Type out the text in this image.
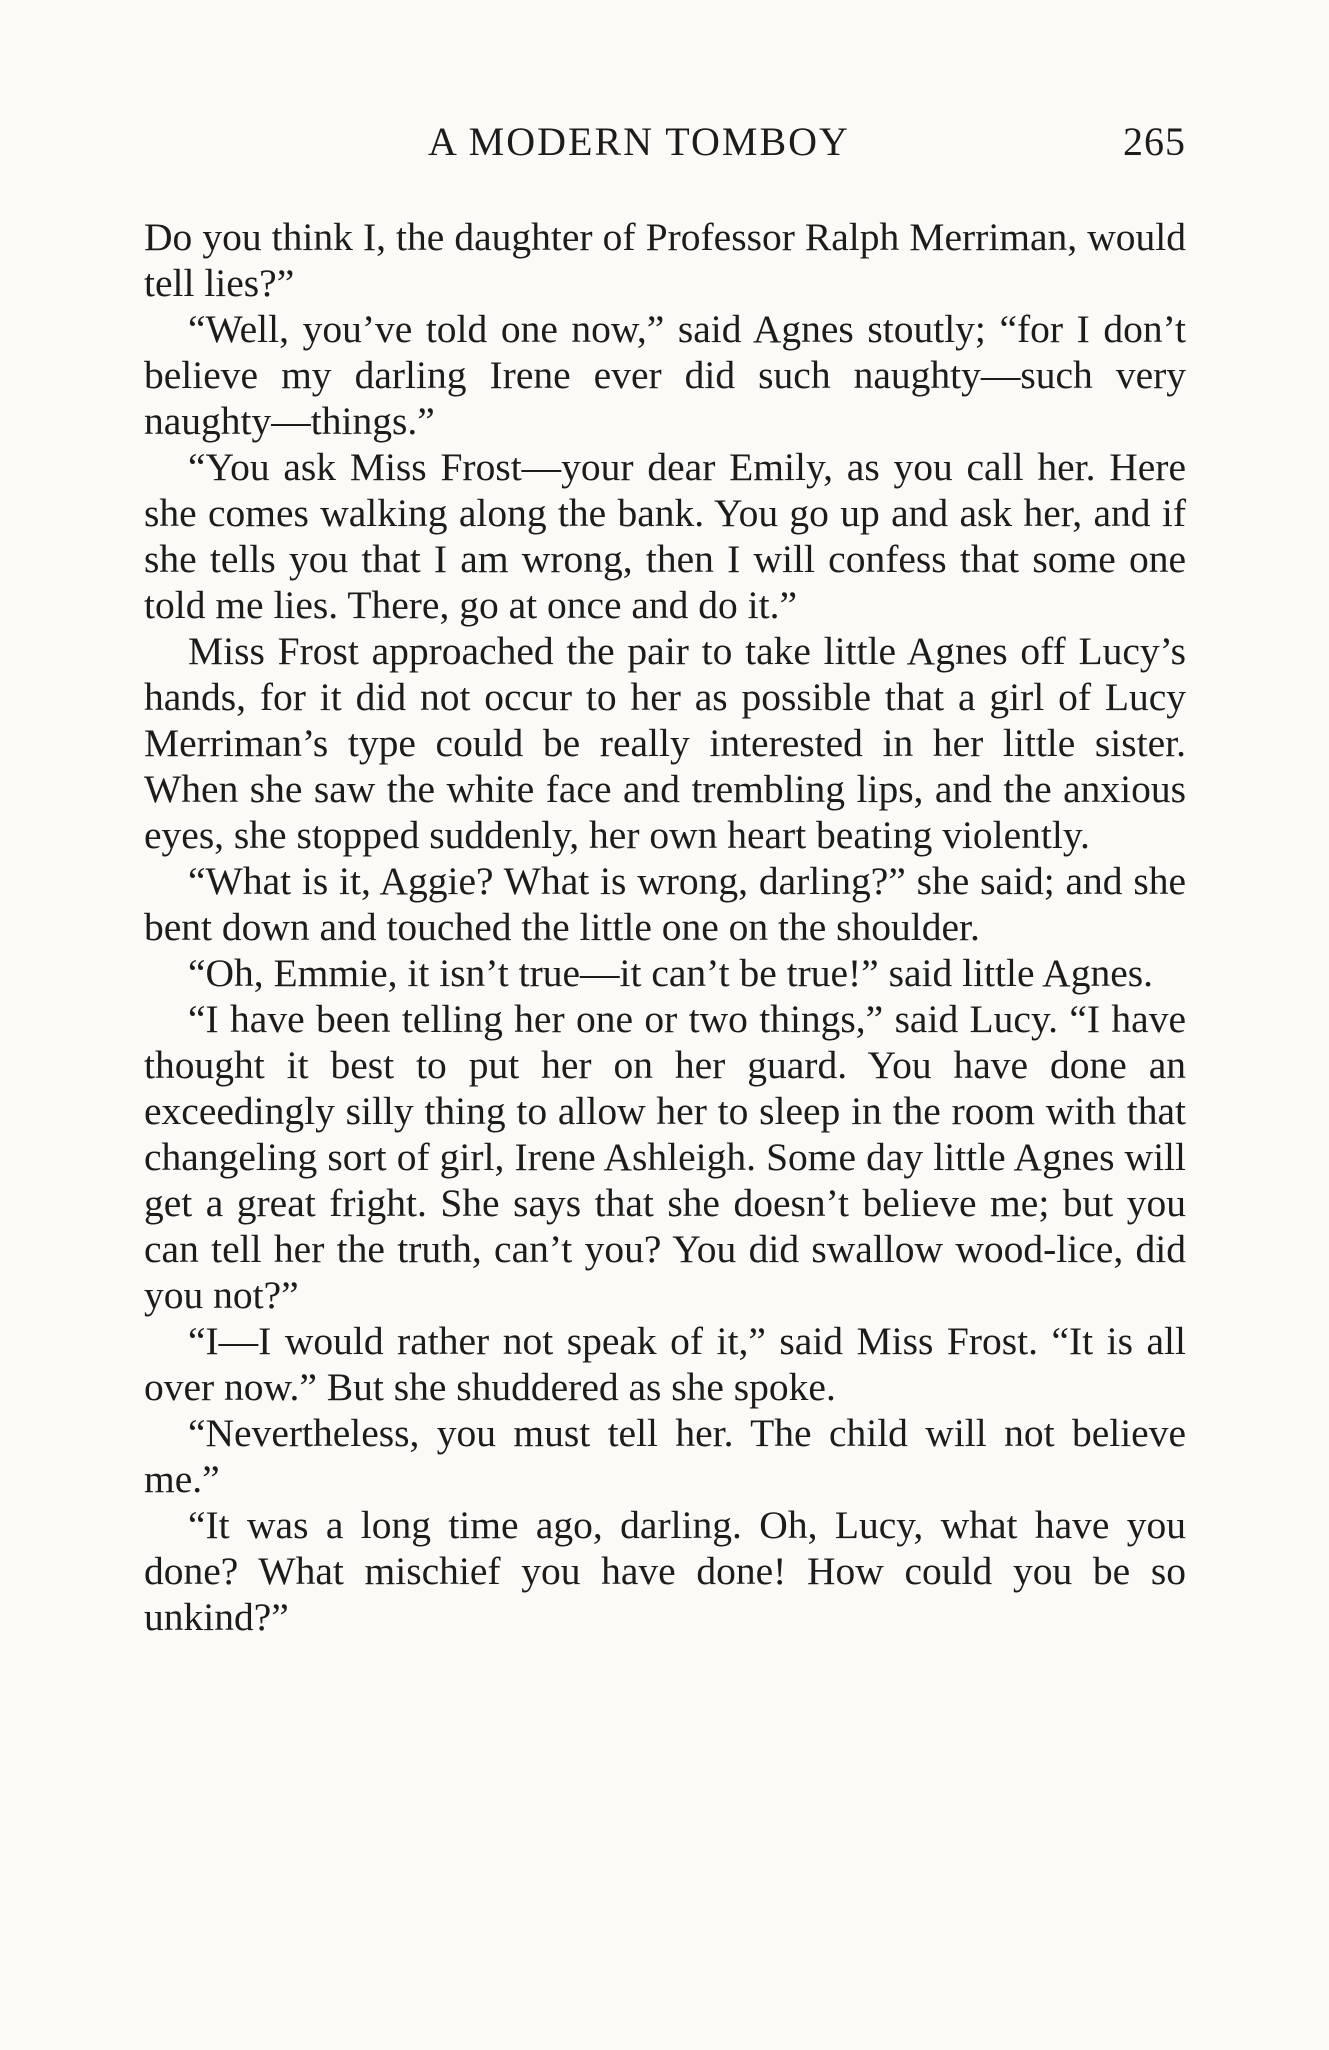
A MODERN TOMBOY	265

Do you think I, the daughter of Professor Ralph Merriman, would tell lies?”

“Well, you’ve told one now,” said Agnes stoutly; “for I don’t believe my darling Irene ever did such naughty—such very naughty—things.”

“You ask Miss Frost—your dear Emily, as you call her. Here she comes walking along the bank. You go up and ask her, and if she tells you that I am wrong, then I will confess that some one told me lies. There, go at once and do it.”

Miss Frost approached the pair to take little Agnes off Lucy’s hands, for it did not occur to her as possible that a girl of Lucy Merriman’s type could be really interested in her little sister. When she saw the white face and trembling lips, and the anxious eyes, she stopped suddenly, her own heart beating violently.

“What is it, Aggie? What is wrong, darling?” she said; and she bent down and touched the little one on the shoulder.

“Oh, Emmie, it isn’t true—it can’t be true!” said little Agnes.

“I have been telling her one or two things,” said Lucy. “I have thought it best to put her on her guard. You have done an exceedingly silly thing to allow her to sleep in the room with that changeling sort of girl, Irene Ashleigh. Some day little Agnes will get a great fright. She says that she doesn’t believe me; but you can tell her the truth, can’t you? You did swallow wood-lice, did you not?”

“I—I would rather not speak of it,” said Miss Frost. “It is all over now.” But she shuddered as she spoke.

“Nevertheless, you must tell her. The child will not believe me.”

“It was a long time ago, darling. Oh, Lucy, what have you done? What mischief you have done! How could you be so unkind?”
